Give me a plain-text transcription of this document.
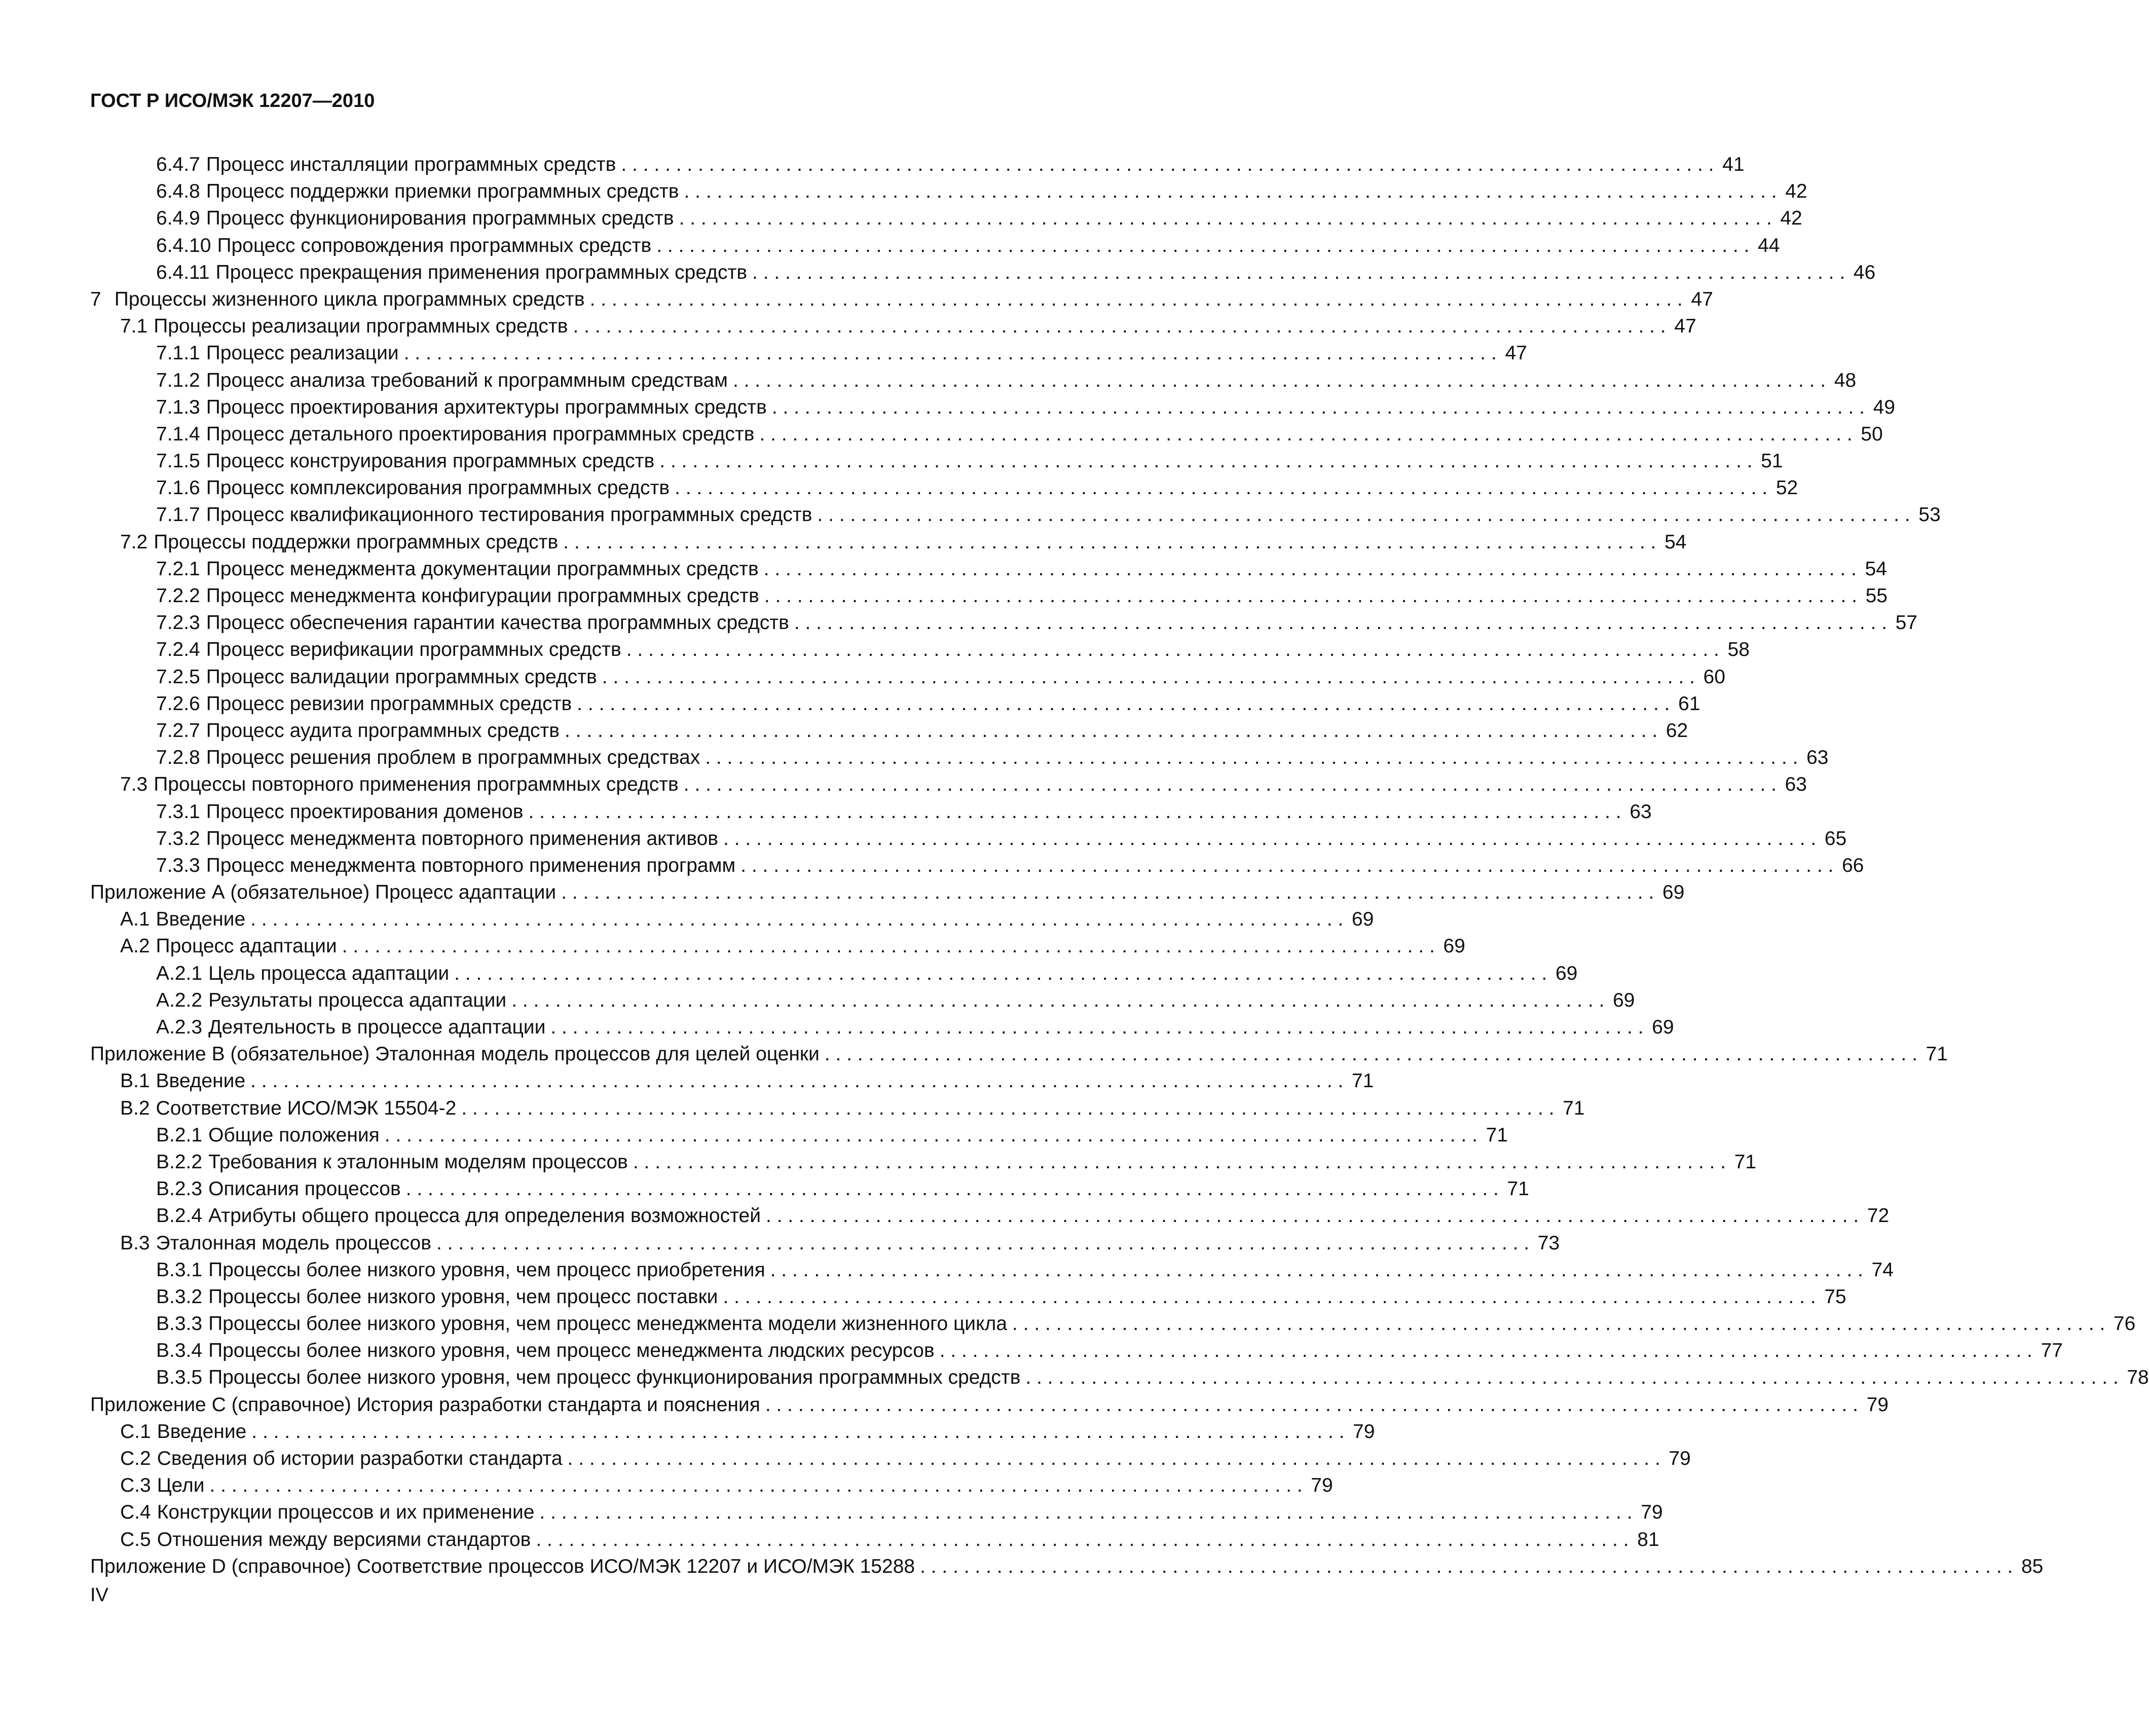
ГОСТ Р ИСО/МЭК 12207—2010
6.4.7 Процесс инсталляции программных средств . .	41
6.4.8 Процесс поддержки приемки программных средств . .	42
6.4.9 Процесс функционирования программных средств . .	42
6.4.10 Процесс сопровождения программных средств . .	44
6.4.11 Процесс прекращения применения программных средств . .	46
7 Процессы жизненного цикла программных средств . .	47
7.1 Процессы реализации программных средств . .	47
7.1.1 Процесс реализации . .	47
7.1.2 Процесс анализа требований к программным средствам . .	48
7.1.3 Процесс проектирования архитектуры программных средств . .	49
7.1.4 Процесс детального проектирования программных средств . .	50
7.1.5 Процесс конструирования программных средств . .	51
7.1.6 Процесс комплексирования программных средств . .	52
7.1.7 Процесс квалификационного тестирования программных средств . .	53
7.2 Процессы поддержки программных средств . .	54
7.2.1 Процесс менеджмента документации программных средств . .	54
7.2.2 Процесс менеджмента конфигурации программных средств . .	55
7.2.3 Процесс обеспечения гарантии качества программных средств . .	57
7.2.4 Процесс верификации программных средств . .	58
7.2.5 Процесс валидации программных средств . .	60
7.2.6 Процесс ревизии программных средств . .	61
7.2.7 Процесс аудита программных средств . .	62
7.2.8 Процесс решения проблем в программных средствах . .	63
7.3 Процессы повторного применения программных средств . .	63
7.3.1 Процесс проектирования доменов . .	63
7.3.2 Процесс менеджмента повторного применения активов . .	65
7.3.3 Процесс менеджмента повторного применения программ . .	66
Приложение А (обязательное) Процесс адаптации . .	69
А.1 Введение . .	69
А.2 Процесс адаптации . .	69
А.2.1 Цель процесса адаптации . .	69
А.2.2 Результаты процесса адаптации . .	69
А.2.3 Деятельность в процессе адаптации . .	69
Приложение В (обязательное) Эталонная модель процессов для целей оценки . .	71
В.1 Введение . .	71
В.2 Соответствие ИСО/МЭК 15504-2 . .	71
В.2.1 Общие положения . .	71
В.2.2 Требования к эталонным моделям процессов . .	71
В.2.3 Описания процессов . .	71
В.2.4 Атрибуты общего процесса для определения возможностей . .	72
В.3 Эталонная модель процессов . .	73
В.3.1 Процессы более низкого уровня, чем процесс приобретения . .	74
В.3.2 Процессы более низкого уровня, чем процесс поставки . .	75
В.3.3 Процессы более низкого уровня, чем процесс менеджмента модели жизненного цикла . .	76
В.3.4 Процессы более низкого уровня, чем процесс менеджмента людских ресурсов . .	77
В.3.5 Процессы более низкого уровня, чем процесс функционирования программных средств . .	78
Приложение С (справочное) История разработки стандарта и пояснения . .	79
С.1 Введение . .	79
С.2 Сведения об истории разработки стандарта . .	79
С.3 Цели . .	79
С.4 Конструкции процессов и их применение . .	79
С.5 Отношения между версиями стандартов . .	81
Приложение D (справочное) Соответствие процессов ИСО/МЭК 12207 и ИСО/МЭК 15288 . .	85
IV
